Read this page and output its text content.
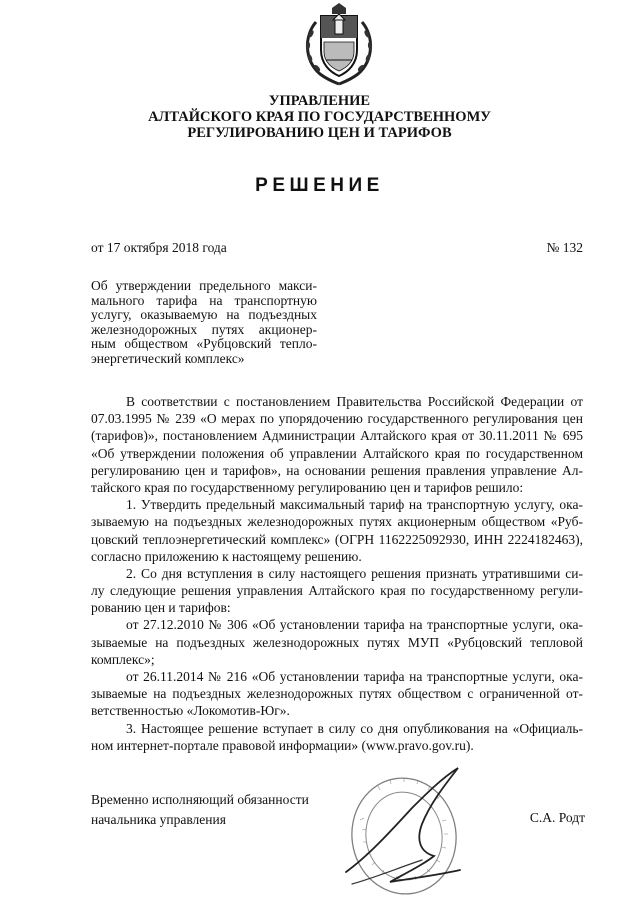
УПРАВЛЕНИЕ
АЛТАЙСКОГО КРАЯ ПО ГОСУДАРСТВЕННОМУ
РЕГУЛИРОВАНИЮ ЦЕН И ТАРИФОВ
РЕШЕНИЕ
от 17 октября 2018 года	№ 132
Об утверждении предельного макси-
мального тарифа на транспортную
услугу, оказываемую на подъездных
железнодорожных путях акционер-
ным обществом «Рубцовский тепло-
энергетический комплекс»
В соответствии с постановлением Правительства Российской Федерации от
07.03.1995 № 239 «О мерах по упорядочению государственного регулирования цен
(тарифов)», постановлением Администрации Алтайского края от 30.11.2011 № 695
«Об утверждении положения об управлении Алтайского края по государственном
регулированию цен и тарифов», на основании решения правления управление Ал-
тайского края по государственному регулированию цен и тарифов решило:
1. Утвердить предельный максимальный тариф на транспортную услугу, ока-
зываемую на подъездных железнодорожных путях акционерным обществом «Руб-
цовский теплоэнергетический комплекс» (ОГРН 1162225092930, ИНН 2224182463),
согласно приложению к настоящему решению.
2. Со дня вступления в силу настоящего решения признать утратившими си-
лу следующие решения управления Алтайского края по государственному регули-
рованию цен и тарифов:
от 27.12.2010 № 306 «Об установлении тарифа на транспортные услуги, ока-
зываемые на подъездных железнодорожных путях МУП «Рубцовский тепловой
комплекс»;
от 26.11.2014 № 216 «Об установлении тарифа на транспортные услуги, ока-
зываемые на подъездных железнодорожных путях обществом с ограниченной от-
ветственностью «Локомотив-Юг».
3. Настоящее решение вступает в силу со дня опубликования на «Официаль-
ном интернет-портале правовой информации» (www.pravo.gov.ru).
Временно исполняющий обязанности
начальника управления	С.А. Родт
